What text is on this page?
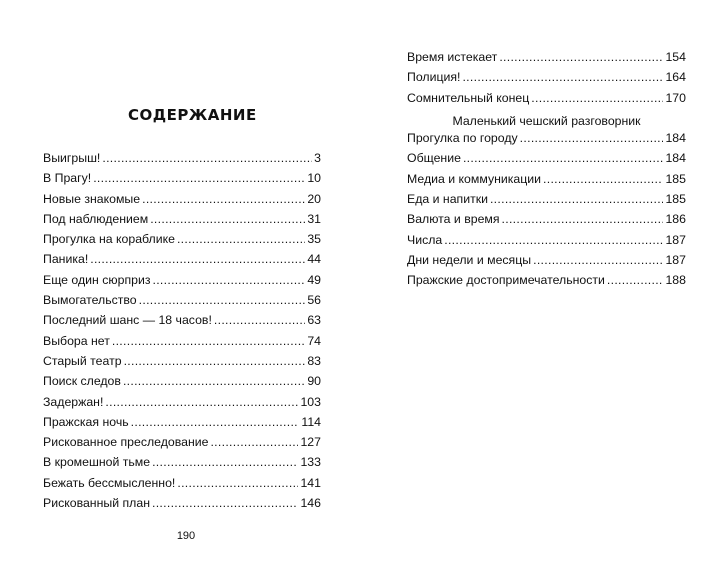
СОДЕРЖАНИЕ
Выигрыш! .....	3
В Прагу! .....	10
Новые знакомые .....	20
Под наблюдением .....	31
Прогулка на кораблике .....	35
Паника! .....	44
Еще один сюрприз .....	49
Вымогательство .....	56
Последний шанс — 18 часов! .....	63
Выбора нет .....	74
Старый театр .....	83
Поиск следов .....	90
Задержан! .....	103
Пражская ночь .....	114
Рискованное преследование .....	127
В кромешной тьме .....	133
Бежать бессмысленно! .....	141
Рискованный план .....	146
Время истекает .....	154
Полиция! .....	164
Сомнительный конец .....	170
Маленький чешский разговорник
Прогулка по городу .....	184
Общение .....	184
Медиа и коммуникации .....	185
Еда и напитки .....	185
Валюта и время .....	186
Числа .....	187
Дни недели и месяцы .....	187
Пражские достопримечательности .....	188
190
